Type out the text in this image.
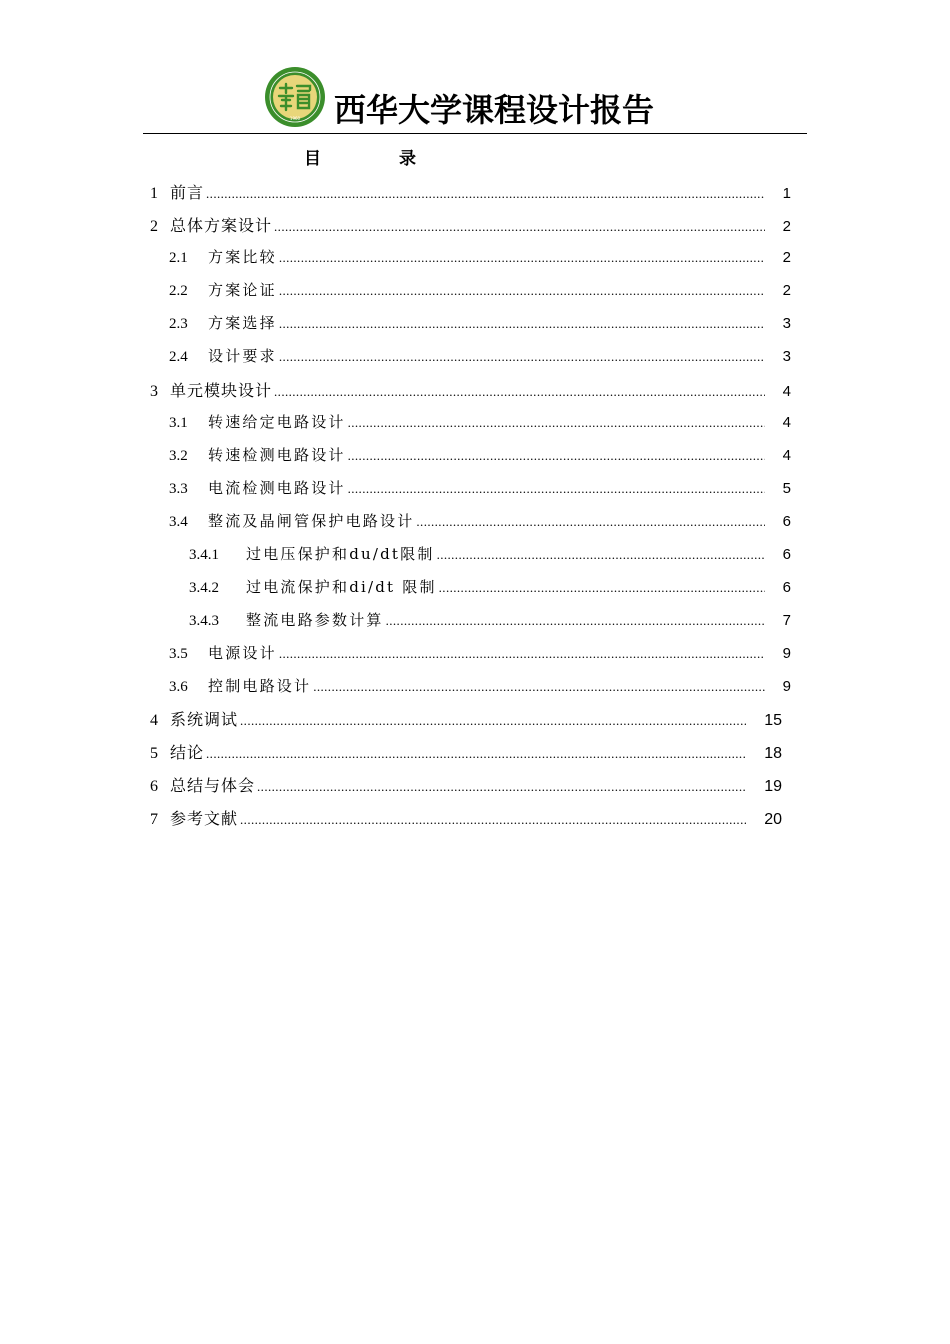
1960 西华大学课程设计报告
目	录
1 前言 .....	1
2 总体方案设计 .....	2
2.1	方案比较 .....	2
2.2	方案论证 .....	2
2.3	方案选择 .....	3
2.4	设计要求 .....	3
3 单元模块设计 .....	4
3.1	转速给定电路设计 .....	4
3.2	转速检测电路设计 .....	4
3.3	电流检测电路设计 .....	5
3.4	整流及晶闸管保护电路设计 .....	6
3.4.1	过电压保护和du/dt限制 .....	6
3.4.2	过电流保护和di/dt 限制 .....	6
3.4.3	整流电路参数计算 .....	7
3.5	电源设计 .....	9
3.6	控制电路设计 .....	9
4 系统调试 .....	15
5 结论 .....	18
6 总结与体会 .....	19
7 参考文献 .....	20
